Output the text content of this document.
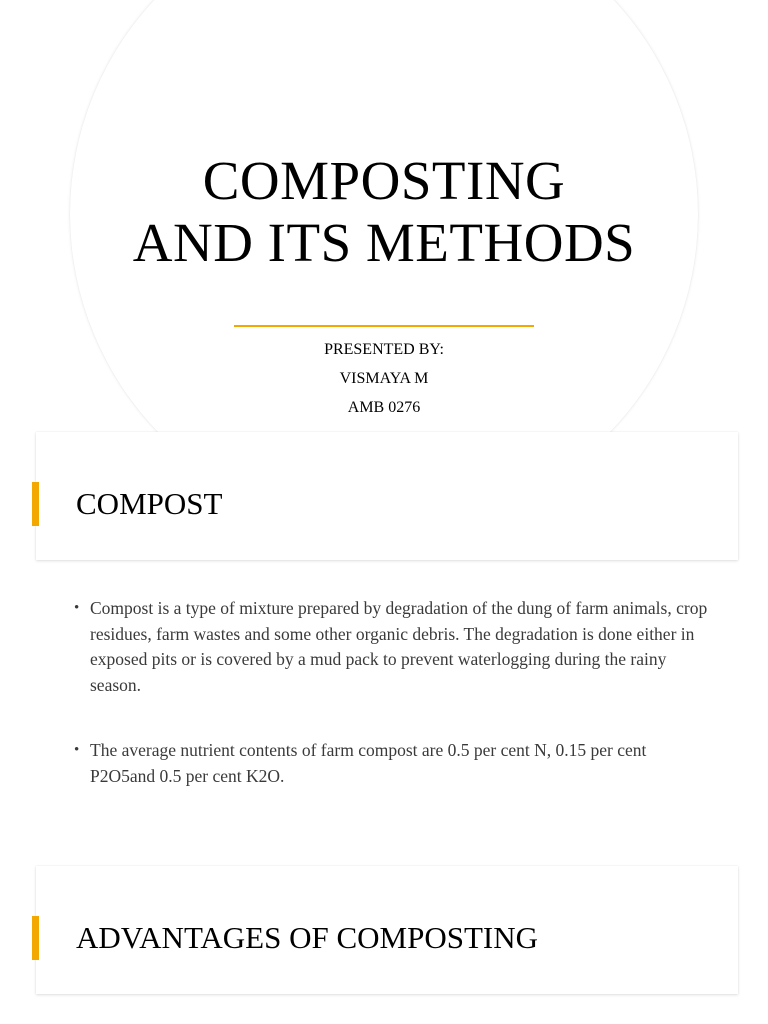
COMPOSTING
AND ITS METHODS
PRESENTED BY:
VISMAYA M
AMB 0276
COMPOST
• Compost is a type of mixture prepared by degradation of the dung of farm animals, crop residues, farm wastes and some other organic debris. The degradation is done either in exposed pits or is covered by a mud pack to prevent waterlogging during the rainy season.
• The average nutrient contents of farm compost are 0.5 per cent N, 0.15 per cent P2O5and 0.5 per cent K2O.
ADVANTAGES OF COMPOSTING
